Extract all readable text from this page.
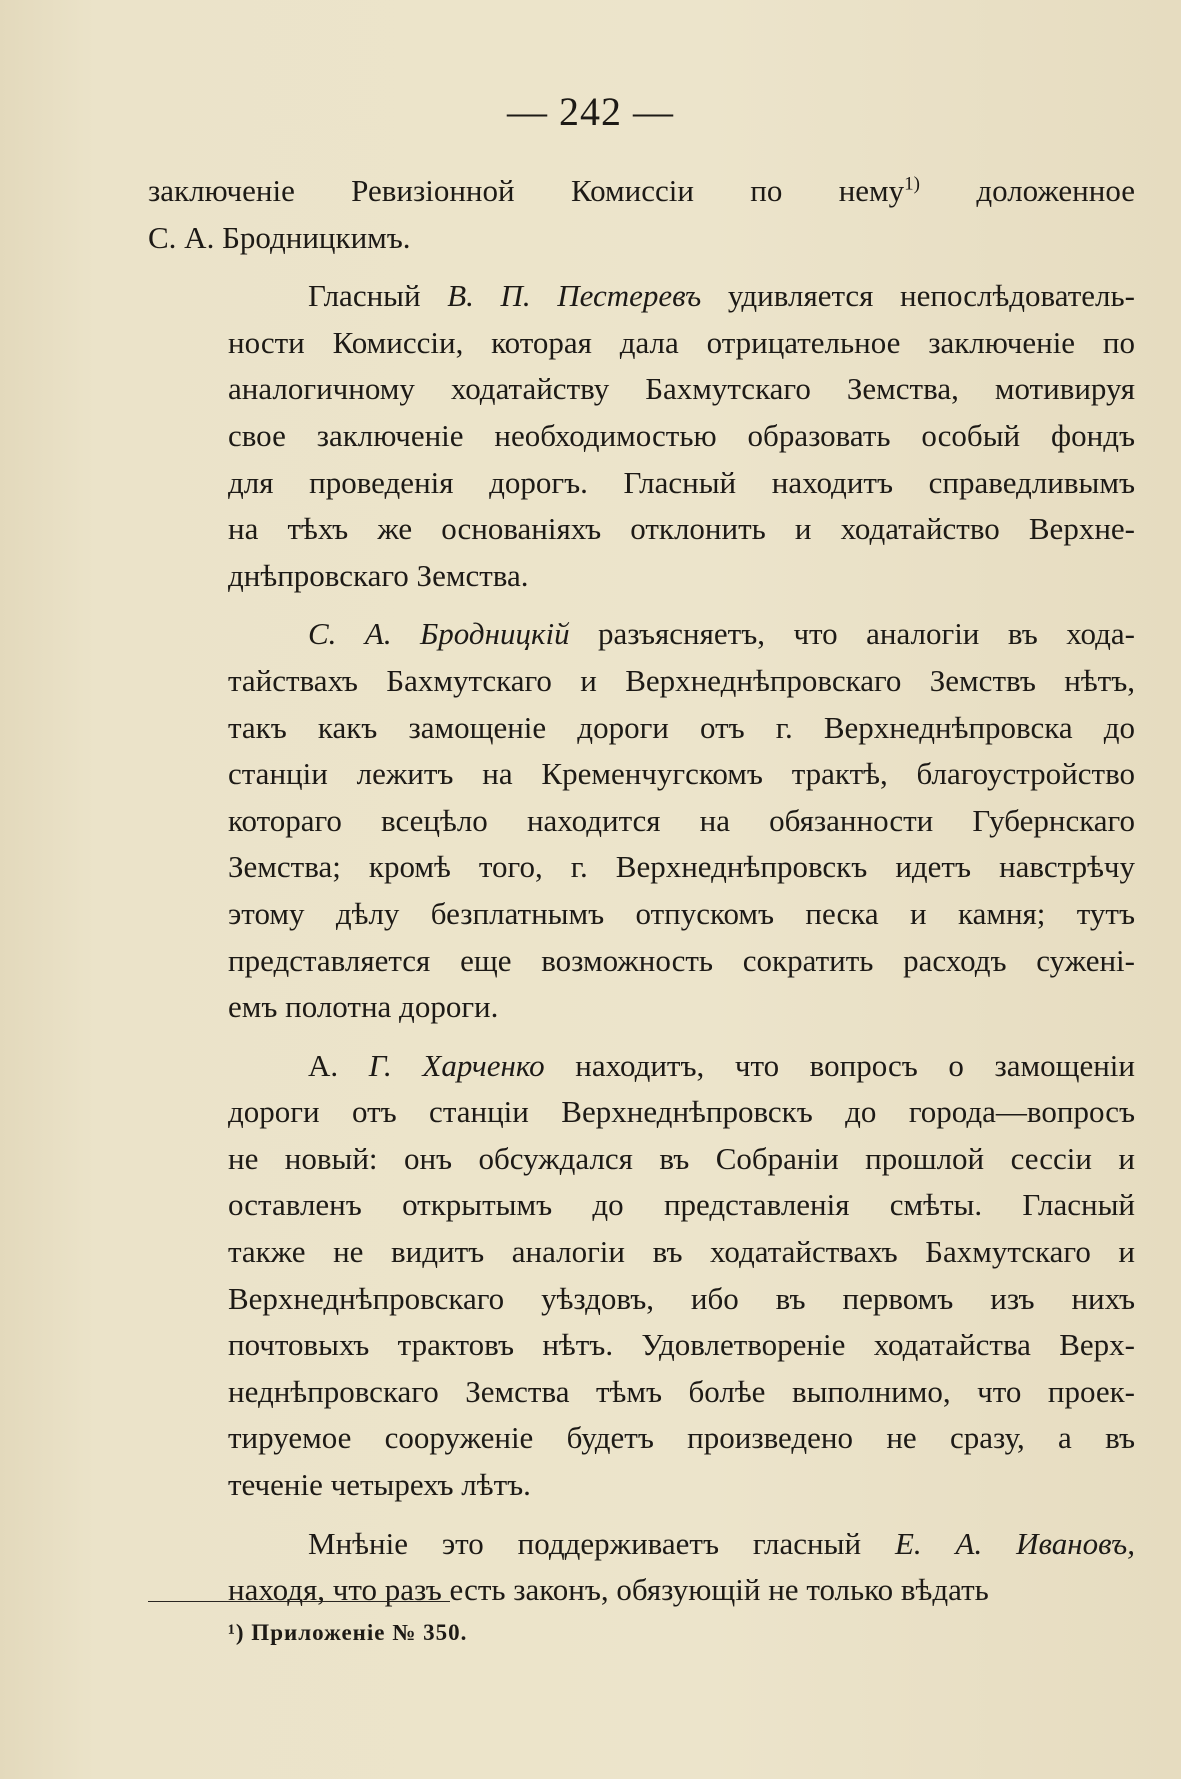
— 242 —
заключеніе Ревизіонной Комиссіи по нему$^{1)}$ доложенное
С. А. Бродницкимъ.
Гласный В. П. Пестеревъ удивляется непослѣдователь-
ности Комиссіи, которая дала отрицательное заключеніе по
аналогичному ходатайству Бахмутскаго Земства, мотивируя
свое заключеніе необходимостью образовать особый фондъ
для проведенія дорогъ. Гласный находитъ справедливымъ
на тѣхъ же основаніяхъ отклонить и ходатайство Верхне-
днѣпровскаго Земства.
С. А. Бродницкій разъясняетъ, что аналогіи въ хода-
тайствахъ Бахмутскаго и Верхнеднѣпровскаго Земствъ нѣтъ,
такъ какъ замощеніе дороги отъ г. Верхнеднѣпровска до
станціи лежитъ на Кременчугскомъ трактѣ, благоустройство
котораго всецѣло находится на обязанности Губернскаго
Земства; кромѣ того, г. Верхнеднѣпровскъ идетъ навстрѣчу
этому дѣлу безплатнымъ отпускомъ песка и камня; тутъ
представляется еще возможность сократить расходъ суженi-
емъ полотна дороги.
А. Г. Харченко находитъ, что вопросъ о замощеніи
дороги отъ станціи Верхнеднѣпровскъ до города—вопросъ
не новый: онъ обсуждался въ Собраніи прошлой сессіи и
оставленъ открытымъ до представленія смѣты. Гласный
также не видитъ аналогіи въ ходатайствахъ Бахмутскаго и
Верхнеднѣпровскаго уѣздовъ, ибо въ первомъ изъ нихъ
почтовыхъ трактовъ нѣтъ. Удовлетвореніе ходатайства Верх-
неднѣпровскаго Земства тѣмъ болѣе выполнимо, что проек-
тируемое сооруженіе будетъ произведено не сразу, а въ
теченіе четырехъ лѣтъ.
Мнѣніе это поддерживаетъ гласный Е. А. Ивановъ,
находя, что разъ есть законъ, обязующій не только вѣдать
¹) Приложеніе № 350.
